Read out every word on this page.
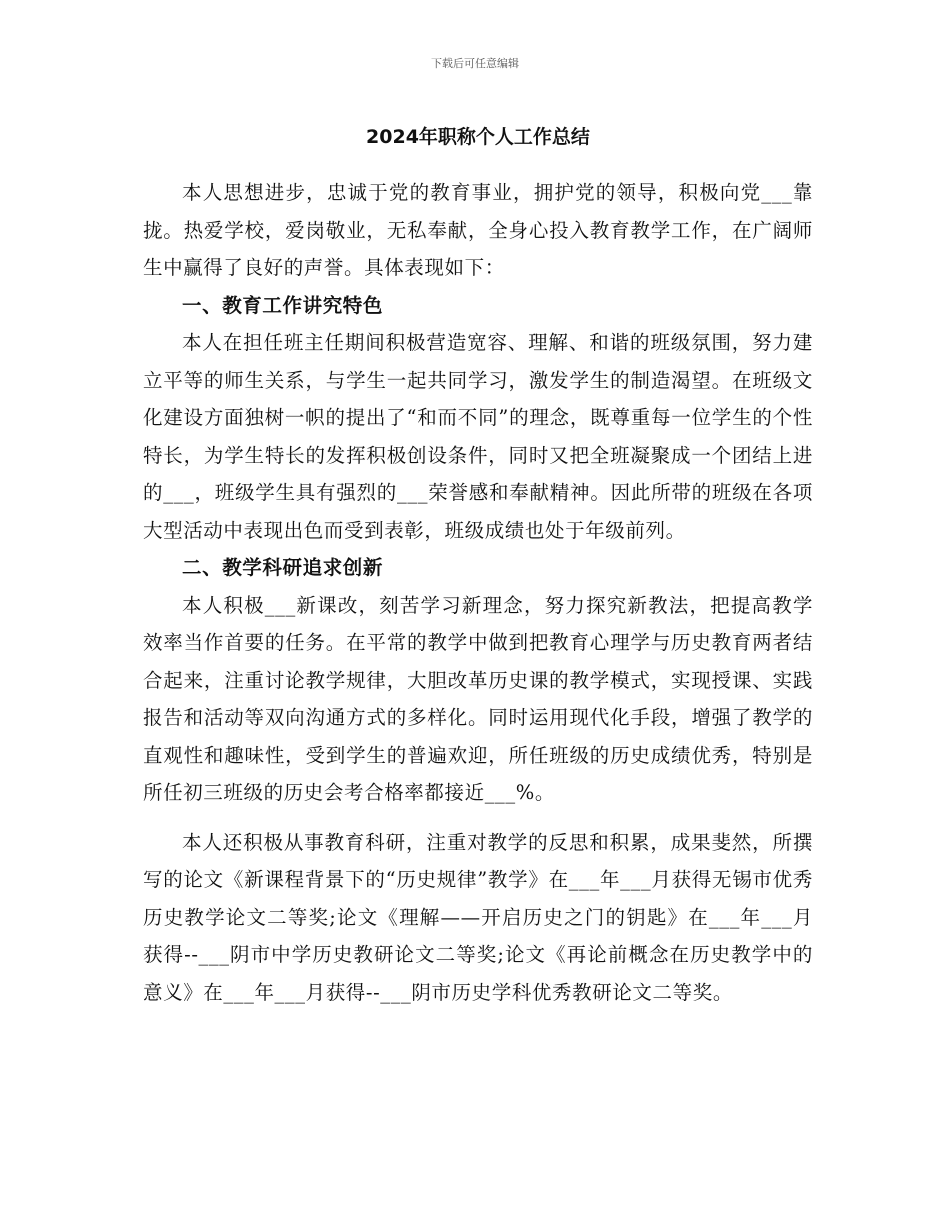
下载后可任意编辑
2024年职称个人工作总结

本人思想进步，忠诚于党的教育事业，拥护党的领导，积极向党___靠拢。热爱学校，爱岗敬业，无私奉献，全身心投入教育教学工作，在广阔师生中赢得了良好的声誉。具体表现如下：

一、教育工作讲究特色

本人在担任班主任期间积极营造宽容、理解、和谐的班级氛围，努力建立平等的师生关系，与学生一起共同学习，激发学生的制造渴望。在班级文化建设方面独树一帜的提出了“和而不同”的理念，既尊重每一位学生的个性特长，为学生特长的发挥积极创设条件，同时又把全班凝聚成一个团结上进的___，班级学生具有强烈的___荣誉感和奉献精神。因此所带的班级在各项大型活动中表现出色而受到表彰，班级成绩也处于年级前列。

二、教学科研追求创新

本人积极___新课改，刻苦学习新理念，努力探究新教法，把提高教学效率当作首要的任务。在平常的教学中做到把教育心理学与历史教育两者结合起来，注重讨论教学规律，大胆改革历史课的教学模式，实现授课、实践报告和活动等双向沟通方式的多样化。同时运用现代化手段，增强了教学的直观性和趣味性，受到学生的普遍欢迎，所任班级的历史成绩优秀，特别是所任初三班级的历史会考合格率都接近___%。

本人还积极从事教育科研，注重对教学的反思和积累，成果斐然，所撰写的论文《新课程背景下的“历史规律”教学》在___年___月获得无锡市优秀历史教学论文二等奖;论文《理解——开启历史之门的钥匙》在___年___月获得--___阴市中学历史教研论文二等奖;论文《再论前概念在历史教学中的意义》在___年___月获得--___阴市历史学科优秀教研论文二等奖。
